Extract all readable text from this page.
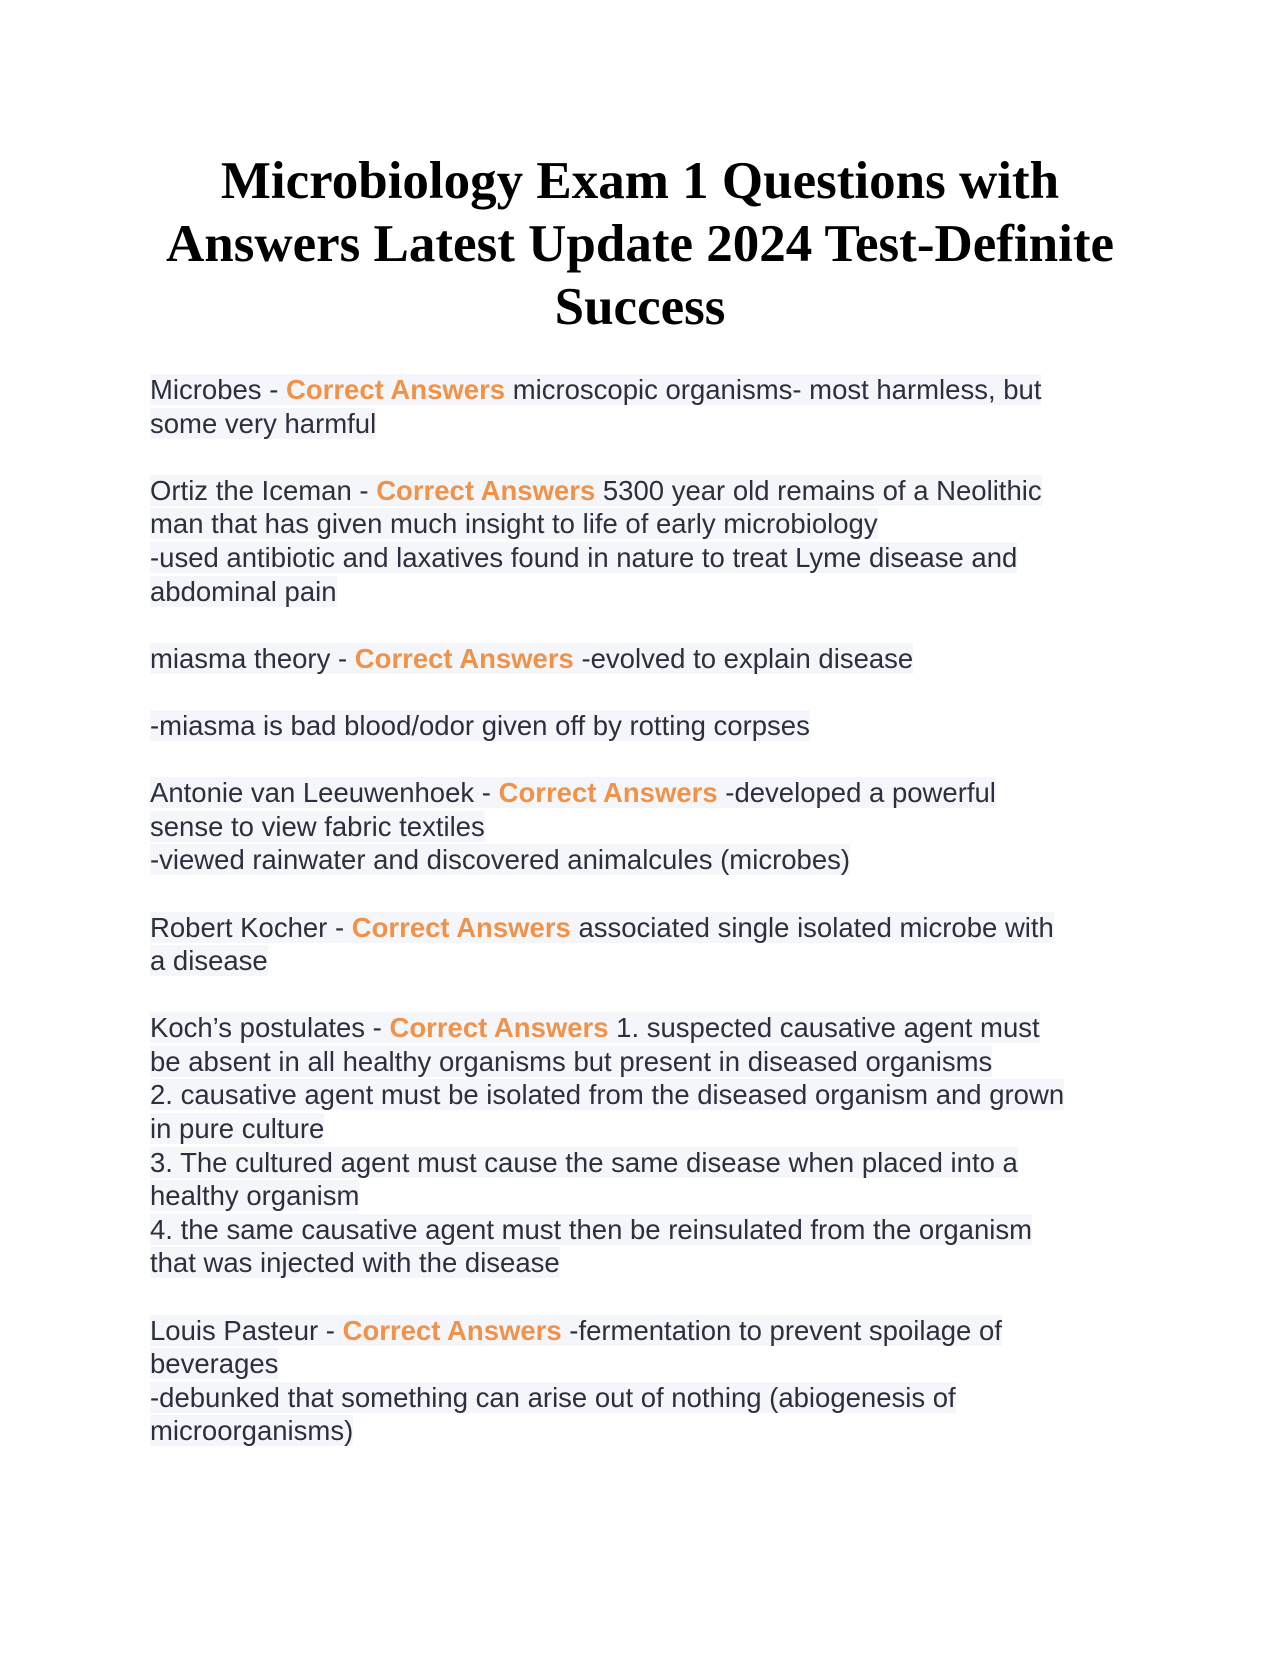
Microbiology Exam 1 Questions with
Answers Latest Update 2024 Test-Definite
Success
Microbes - Correct Answers microscopic organisms- most harmless, but
some very harmful
Ortiz the Iceman - Correct Answers 5300 year old remains of a Neolithic
man that has given much insight to life of early microbiology
-used antibiotic and laxatives found in nature to treat Lyme disease and
abdominal pain
miasma theory - Correct Answers -evolved to explain disease
-miasma is bad blood/odor given off by rotting corpses
Antonie van Leeuwenhoek - Correct Answers -developed a powerful
sense to view fabric textiles
-viewed rainwater and discovered animalcules (microbes)
Robert Kocher - Correct Answers associated single isolated microbe with
a disease
Koch’s postulates - Correct Answers 1. suspected causative agent must
be absent in all healthy organisms but present in diseased organisms
2. causative agent must be isolated from the diseased organism and grown
in pure culture
3. The cultured agent must cause the same disease when placed into a
healthy organism
4. the same causative agent must then be reinsulated from the organism
that was injected with the disease
Louis Pasteur - Correct Answers -fermentation to prevent spoilage of
beverages
-debunked that something can arise out of nothing (abiogenesis of
microorganisms)
